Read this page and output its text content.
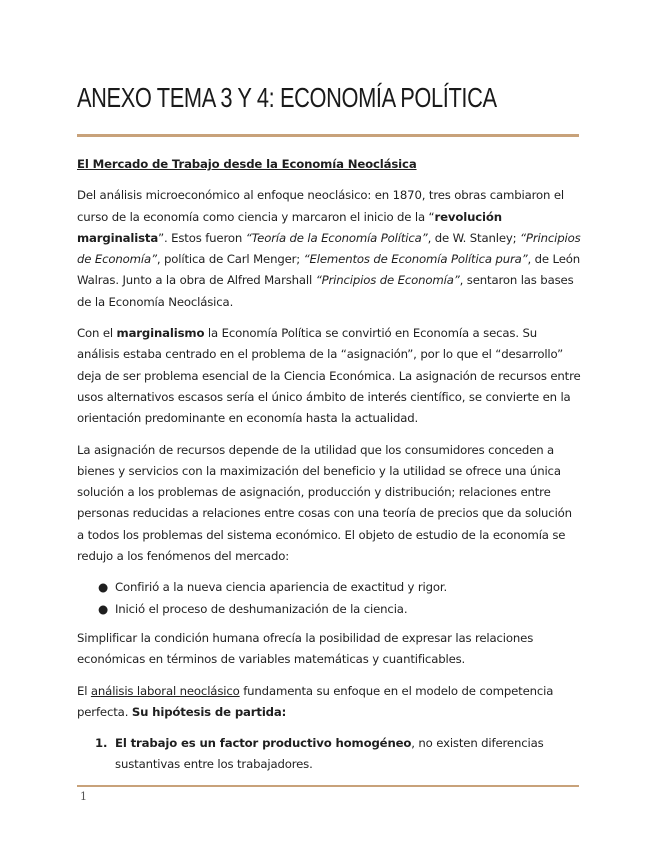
ANEXO TEMA 3 Y 4: ECONOMÍA POLÍTICA

El Mercado de Trabajo desde la Economía Neoclásica

Del análisis microeconómico al enfoque neoclásico: en 1870, tres obras cambiaron el curso de la economía como ciencia y marcaron el inicio de la “revolución marginalista”. Estos fueron “Teoría de la Economía Política”, de W. Stanley; “Principios de Economía”, política de Carl Menger; “Elementos de Economía Política pura”, de León Walras. Junto a la obra de Alfred Marshall “Principios de Economía”, sentaron las bases de la Economía Neoclásica.

Con el marginalismo la Economía Política se convirtió en Economía a secas. Su análisis estaba centrado en el problema de la “asignación”, por lo que el “desarrollo” deja de ser problema esencial de la Ciencia Económica. La asignación de recursos entre usos alternativos escasos sería el único ámbito de interés científico, se convierte en la orientación predominante en economía hasta la actualidad.

La asignación de recursos depende de la utilidad que los consumidores conceden a bienes y servicios con la maximización del beneficio y la utilidad se ofrece una única solución a los problemas de asignación, producción y distribución; relaciones entre personas reducidas a relaciones entre cosas con una teoría de precios que da solución a todos los problemas del sistema económico. El objeto de estudio de la economía se redujo a los fenómenos del mercado:

● Confirió a la nueva ciencia apariencia de exactitud y rigor.
● Inició el proceso de deshumanización de la ciencia.

Simplificar la condición humana ofrecía la posibilidad de expresar las relaciones económicas en términos de variables matemáticas y cuantificables.

El análisis laboral neoclásico fundamenta su enfoque en el modelo de competencia perfecta. Su hipótesis de partida:

1. El trabajo es un factor productivo homogéneo, no existen diferencias sustantivas entre los trabajadores.
1
